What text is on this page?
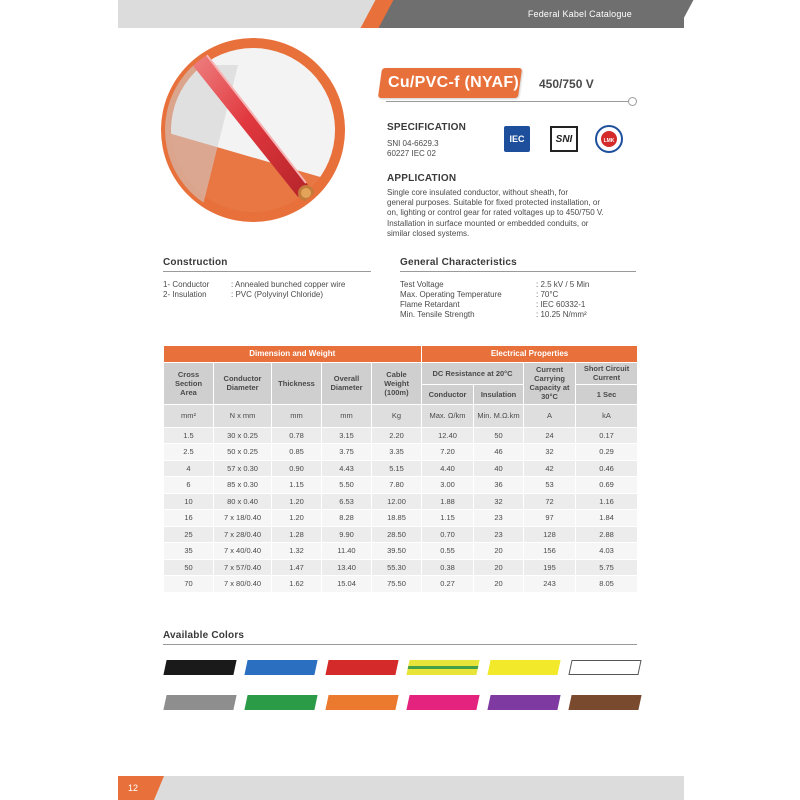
Federal Kabel Catalogue
Cu/PVC-f (NYAF) 450/750 V
SPECIFICATION
SNI 04-6629.3
60227 IEC 02
IEC	SNI	LMK
APPLICATION
Single core insulated conductor, without sheath, for
general purposes. Suitable for fixed protected installation, or
on, lighting or control gear for rated voltages up to 450/750 V.
Installation in surface mounted or embedded conduits, or
similar closed systems.
Construction
1- Conductor	: Annealed bunched copper wire
2- Insulation	: PVC (Polyvinyl Chloride)
General Characteristics
Test Voltage	: 2.5 kV / 5 Min
Max. Operating Temperature	: 70°C
Flame Retardant	: IEC 60332-1
Min. Tensile Strength	: 10.25 N/mm²
Dimension and Weight					Electrical Properties			
Cross Section Area	Conductor Diameter	Thickness	Overall Diameter	Cable Weight (100m)	DC Resistance at 20°C		Current Carrying Capacity at 30°C	Short Circuit Current
					Conductor	Insulation		1 Sec
mm²	N x mm	mm	mm	Kg	Max. Ω/km	Min. M.Ω.km	A	kA
1.5	30 x 0.25	0.78	3.15	2.20	12.40	50	24	0.17
2.5	50 x 0.25	0.85	3.75	3.35	7.20	46	32	0.29
4	57 x 0.30	0.90	4.43	5.15	4.40	40	42	0.46
6	85 x 0.30	1.15	5.50	7.80	3.00	36	53	0.69
10	80 x 0.40	1.20	6.53	12.00	1.88	32	72	1.16
16	7 x 18/0.40	1.20	8.28	18.85	1.15	23	97	1.84
25	7 x 28/0.40	1.28	9.90	28.50	0.70	23	128	2.88
35	7 x 40/0.40	1.32	11.40	39.50	0.55	20	156	4.03
50	7 x 57/0.40	1.47	13.40	55.30	0.38	20	195	5.75
70	7 x 80/0.40	1.62	15.04	75.50	0.27	20	243	8.05
Available Colors
12
